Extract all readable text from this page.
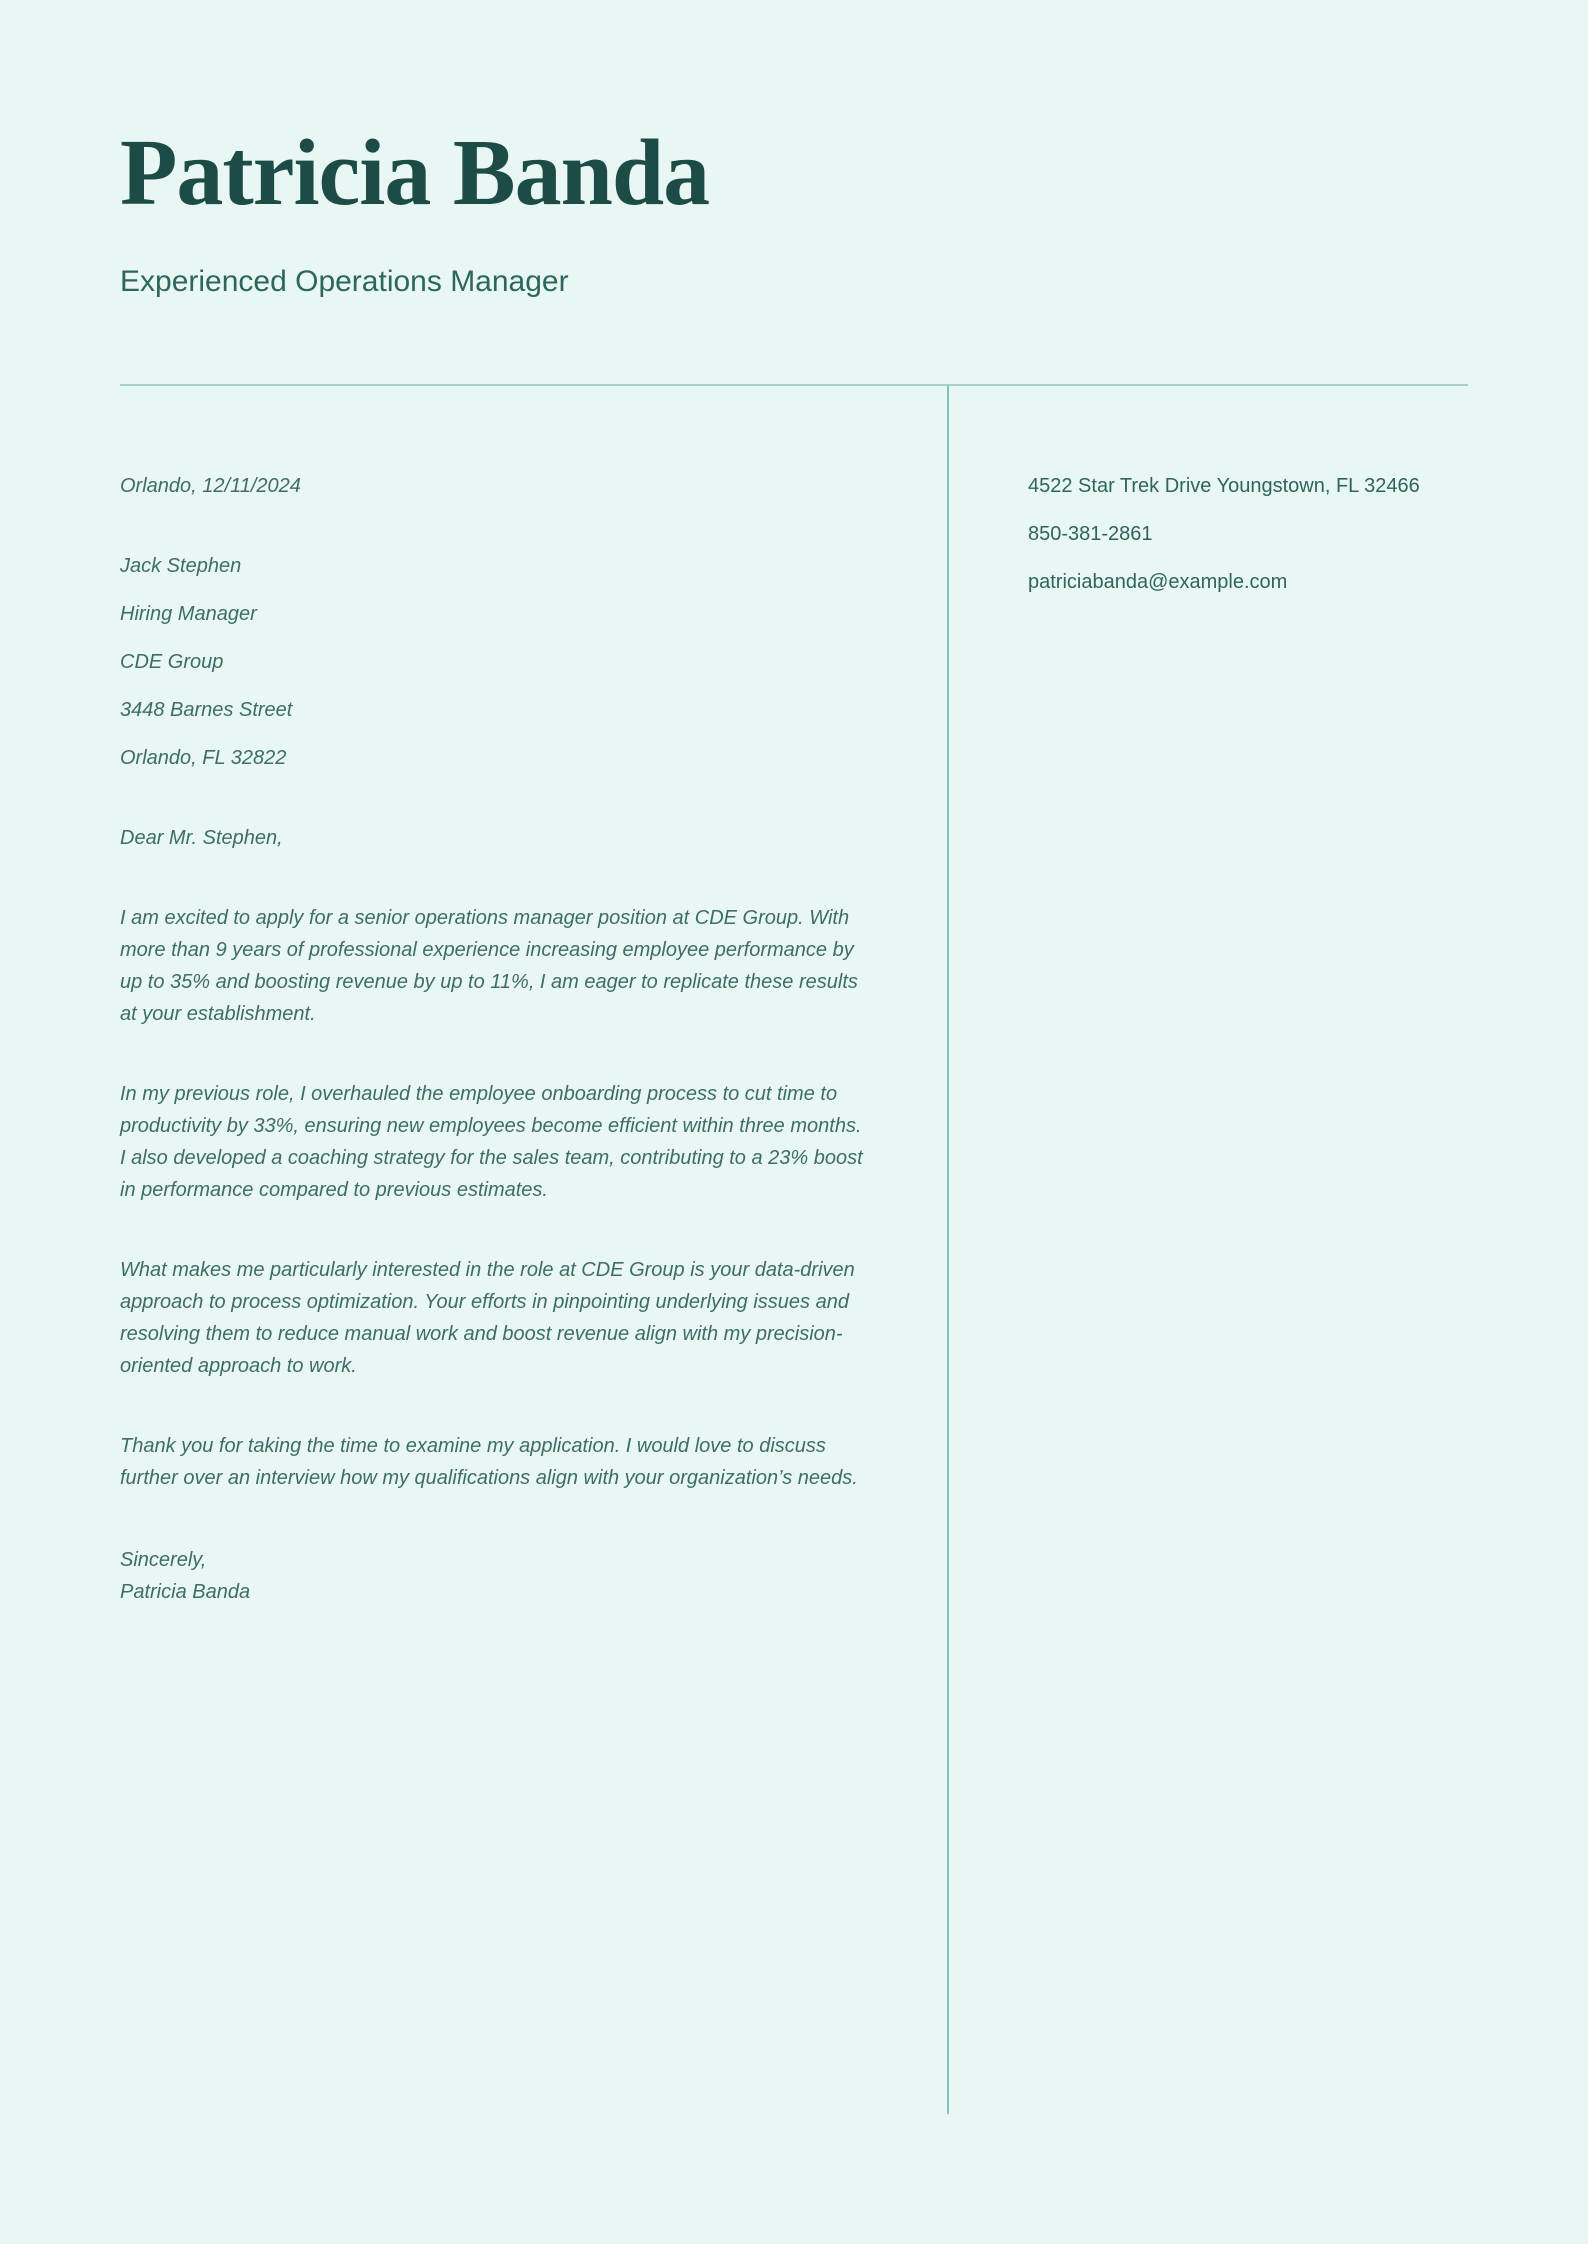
Patricia Banda
Experienced Operations Manager

Orlando, 12/11/2024

Jack Stephen

Hiring Manager

CDE Group

3448 Barnes Street

Orlando, FL 32822

Dear Mr. Stephen,

I am excited to apply for a senior operations manager position at CDE Group. With more than 9 years of professional experience increasing employee performance by up to 35% and boosting revenue by up to 11%, I am eager to replicate these results at your establishment.

In my previous role, I overhauled the employee onboarding process to cut time to productivity by 33%, ensuring new employees become efficient within three months. I also developed a coaching strategy for the sales team, contributing to a 23% boost in performance compared to previous estimates.

What makes me particularly interested in the role at CDE Group is your data-driven approach to process optimization. Your efforts in pinpointing underlying issues and resolving them to reduce manual work and boost revenue align with my precision-oriented approach to work.

Thank you for taking the time to examine my application. I would love to discuss further over an interview how my qualifications align with your organization’s needs.

Sincerely,

Patricia Banda

4522 Star Trek Drive Youngstown, FL 32466

850-381-2861

patriciabanda@example.com
